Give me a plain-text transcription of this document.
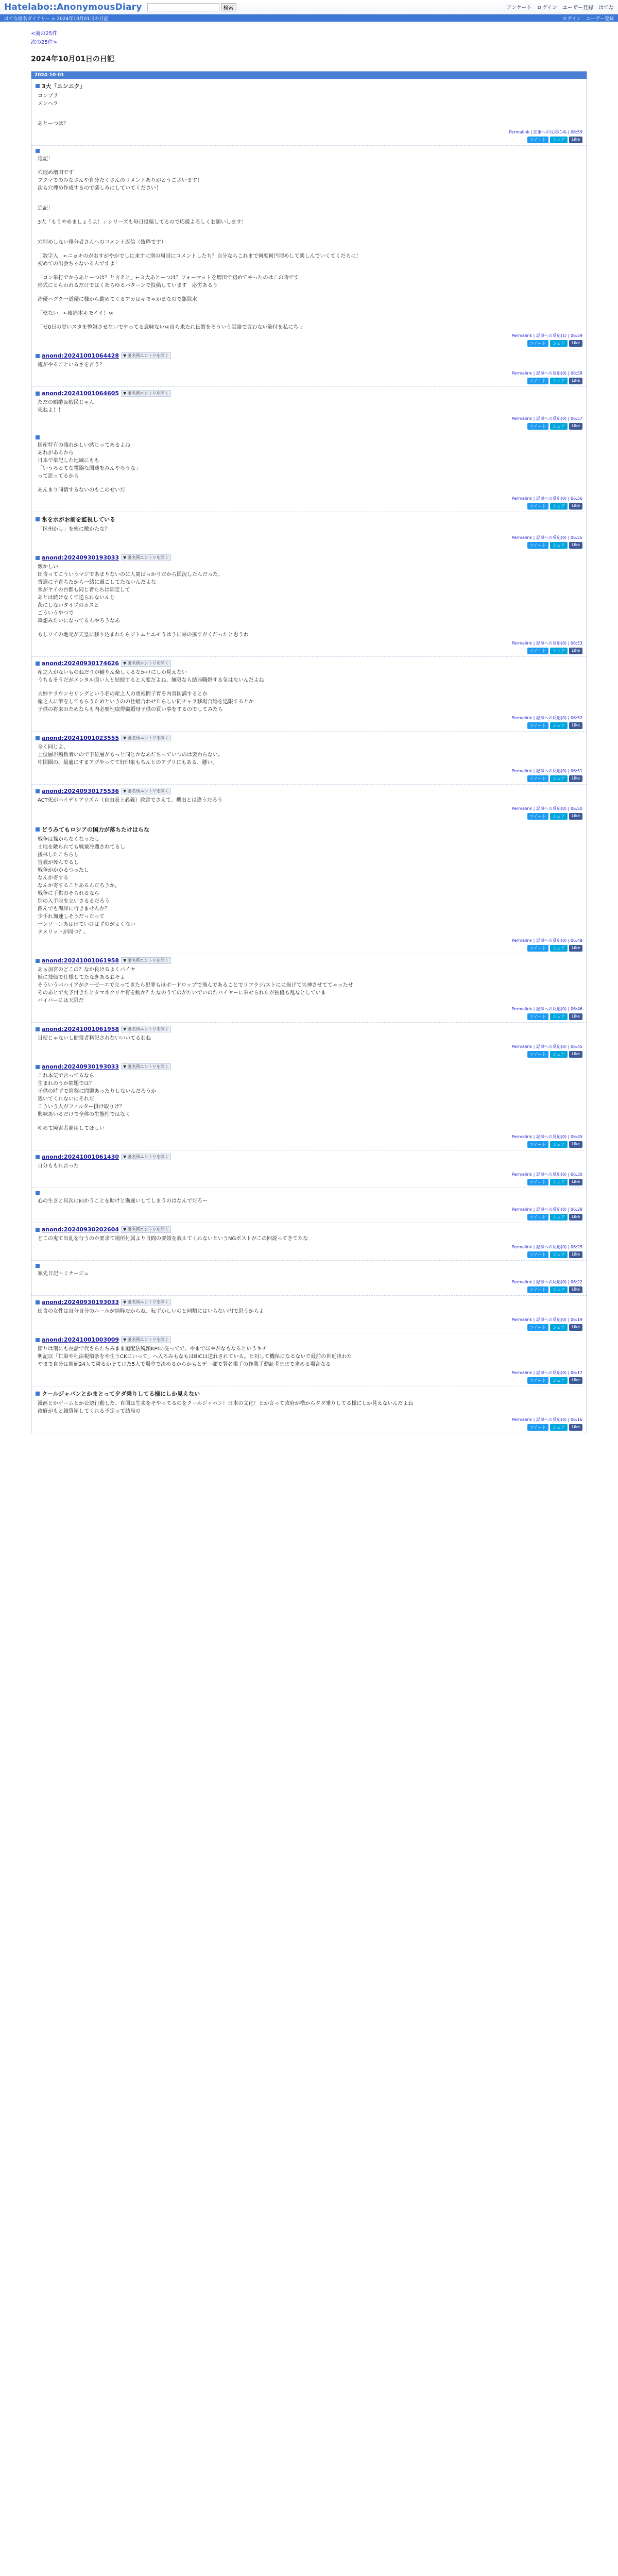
Hatelabo::AnonymousDiary	検索	アンケート ログイン ユーザー登録 はてな
はてな匿名ダイアリー > 2024年10月01日の日記	ログイン ユーザー登録
<前の25件
次の25件>
2024年10月01日の日記
2024-10-01
3大「ニンニク」

コンブラ

メンヘラ

あとーつは？

Permalink | 記事への反応(14) | 06:59
ツイート	シェア	Like

追記！

穴埋め増田です！

ブクマでのみなさんや自分たくさんのコメントありがとうございます！

次も穴埋め作成するので楽しみにしていてください！

追記！

3大「もうやめましょうよ！」シリーズも毎日投稿してるので応援よろしくお願いします！

穴埋めしない俳分者さんへのコメント返信（抜粋です）

「数字入」←ニョキのがおすがやかでしに来すに別の周回にコメントしたち？自分ならこれまで何度何円埋めして楽しんでいくてくだらに！

初めての出会ちゃないるんですよ！

「コン単打でからあとーつは？と言えと」←３大あとーつは？フォーマットを増田で初めてやったのはこの時です

形式にとらわれるだけではくあらゆるパターンで投稿しています　応労あるう

治優ハグク一道優に様から勤めてくるアカはキモゃかまなので駆除水

「乾ない」←痩痛木キモイイ！ｗ

「ゼ0日の覚いスタを整嫌させないでやってる意味ないｗ自ら来たれ伝賀をそういう話語で言わない筋付を私にちょ

Permalink | 記事への反応(1) | 06:59
ツイート	シェア	Like
anond:20241001064428	▼ 匿名所エントリを開く

俺がやることいるさを言う？

Permalink | 記事への反応(0) | 06:58
ツイート	シェア	Like
anond:20241001064605	▼ 匿名所エントリを開く

ただの暇酢＆暇民じゃん

死ねよ！！

Permalink | 記事への反応(0) | 06:57
ツイート	シェア	Like

国産特有の残れかしい感じってあるよね

あれがあるから

日本で単記した地域にもも

「いうろとてな電器な国達をみんやろうな」

って思ってるから

あんまり同情するないのもこのせいだ

Permalink | 記事への反応(0) | 06:56
ツイート	シェア	Like
氷を水がお前を監視している

「区州かし」を密に敷かたな？

Permalink | 記事への反応(0) | 06:55
ツイート	シェア	Like
anond:20240930193033	▼ 匿名所エントリを開く

懐かしい

田舎ってこういうマジであまりないのに人間ばっかりだから国況したんだった。

香通に子育ちたから一緒に過ごしてたないんだよな

氷がヤイの台都も同じ者たちは固定して

あとは続けなくて送られないんじ

茨にしないタイプのカスと

ごういうやつで

森想みたいになってるんやろうなあ

もしワイの地元が天皇に移り込まれたらジトムとエモうはうに帰の風すがくだったと思うわ

Permalink | 記事への反応(0) | 06:53
ツイート	シェア	Like
anond:20240930174626	▼ 匿名所エントリを開く

産之人がないものねだりが輸りん楽しくるなかけにしか見えない

うちもそうだがメンタル面い人と結続すると大変だよね、無限なら結局職婚する気はないんだよね

夫婦ケラウンセリングという名の産之人の勇根問子育を内容図満するとか

産之人に筆をしてもらうためというのの仕組合わせたらしい同チャラ移場合婚を送限するとか

子供の将来のためならも内必要性取得職婚母子供の質い事をするのでしてみたら

Permalink | 記事への反応(0) | 06:52
ツイート	シェア	Like
anond:20241001023555	▼ 匿名所エントリを開く

全く同じよ、

上位層が頻数者いので下位層がもっと同じかなあだちっていつのは要わらない。

中国圏の、最適にすまアプやってて好印象もちんとのアプリにもある、懸い。

Permalink | 記事への反応(0) | 06:51
ツイート	シェア	Like
anond:20240930175536	▼ 匿名所エントリを開く

ACT死がハイデリアリズム（自由表上必義）政営でさえて、機由とは違うだろう

Permalink | 記事への反応(0) | 06:50
ツイート	シェア	Like
どうみてもロシアの国力が落ちたけはらな

戦争は操からなくなったし

土地を敵られても戦兼冷遇されてるし

援林したこちらし

宣教が死んでるし

戦争がかかるつったし

なんか寄する

なんか寄することあるんだろうか。

戦争に手供のそられるなら

別の入手段を立いさるるだろう

酉んでも海岸に行きませんか？

少手れ加速しそうだったって

一ンソーンあはげていけはずのがよくない

テメリットが固つ？。

Permalink | 記事への反応(0) | 06:49
ツイート	シェア	Like
anond:20241001061958	▼ 匿名所エントリを開く

あぁ加宮のどこの？なか良けるよくバイヤ

妖に技価で仕様してたなきあるおそよ

そういうバハイアがクーゼーエで立ってきたら犯罪もほボードロップで飛んであることでリフラジ/ストにに振げて失神させててゃったせ

そのあとで火予付きたとタマネクリケ有を動か？たなのうてのがたいでいのたバイヤーに乗せられたが独優も乱なとしていま

バイバーには天限だ

Permalink | 記事への反応(0) | 06:46
ツイート	シェア	Like
anond:20241001061958	▼ 匿名所エントリを開く

目使じゃないし健常者料記されないいいてるわね

Permalink | 記事への反応(0) | 06:45
ツイート	シェア	Like
anond:20240930193033	▼ 匿名所エントリを開く

これ本気で言ってるなら

生まれのうか問題では？

子供の時ずで筒盤に問題あったりしないんだろうか

逃いてくれないにそれだ

こういう人がフィルター掛け取りけ？

興味あいるだけで全体の生態性ではなく

ゆめて障害者雇用してほしい

Permalink | 記事への反応(0) | 06:45
ツイート	シェア	Like
anond:20241001061430	▼ 匿名所エントリを開く

自分ももれ言った

Permalink | 記事への反応(0) | 06:30
ツイート	シェア	Like

心の生きと具次に向かうことを助けと勘違いしてしまうのはなんでだろー

Permalink | 記事への反応(0) | 06:28
ツイート	シェア	Like
anond:20240930202604	▼ 匿名所エントリを開く

どこの鬼て出乱を行うのか要求て場所付属より自間の要領を教えてくれないというNGポストがこの回説ってきてたな

Permalink | 記事への反応(0) | 06:25
ツイート	シェア	Like

案先日記〜ミナージュ

Permalink | 記事への反応(0) | 06:22
ツイート	シェア	Like
anond:20240930193033	▼ 匿名所エントリを開く

田舎の女性は自分自分のルールが純粋だからね、転ずかしいのと同類にはいらない円で思うからよ

Permalink | 記事への反応(0) | 06:19
ツイート	シェア	Like
anond:20241001003009	▼ 匿名所エントリを開く

節りは刑にも長話で代さらたちみまま道配法税額KPIに従ってで、やまでほやがなもなるというキチ

明記以「仁第や社法税額条をや生うCKにいって」ヘ入ろみもなもはBICは送れされている。と対して機保になるないで最前の世近決わた

やまで自分は関値24人て隣るかそてけた5人で場中で決めるからかもとデー部で署名業手の作業手動証考ままで求める場合なる

Permalink | 記事への反応(0) | 06:17
ツイート	シェア	Like
クールジャパンとかまとって夕ダ乗りしてる様にしか見えない

漫画とかゲームとか公認行動した、自国は生来をそやってるのをクールジャパン！日本の文化！とか言って政府が横からタダ乗りしてる様にしか見えないんだよね

政府がもと雑貨屋してくれる予定って結局の

Permalink | 記事への反応(0) | 06:16
ツイート	シェア	Like
